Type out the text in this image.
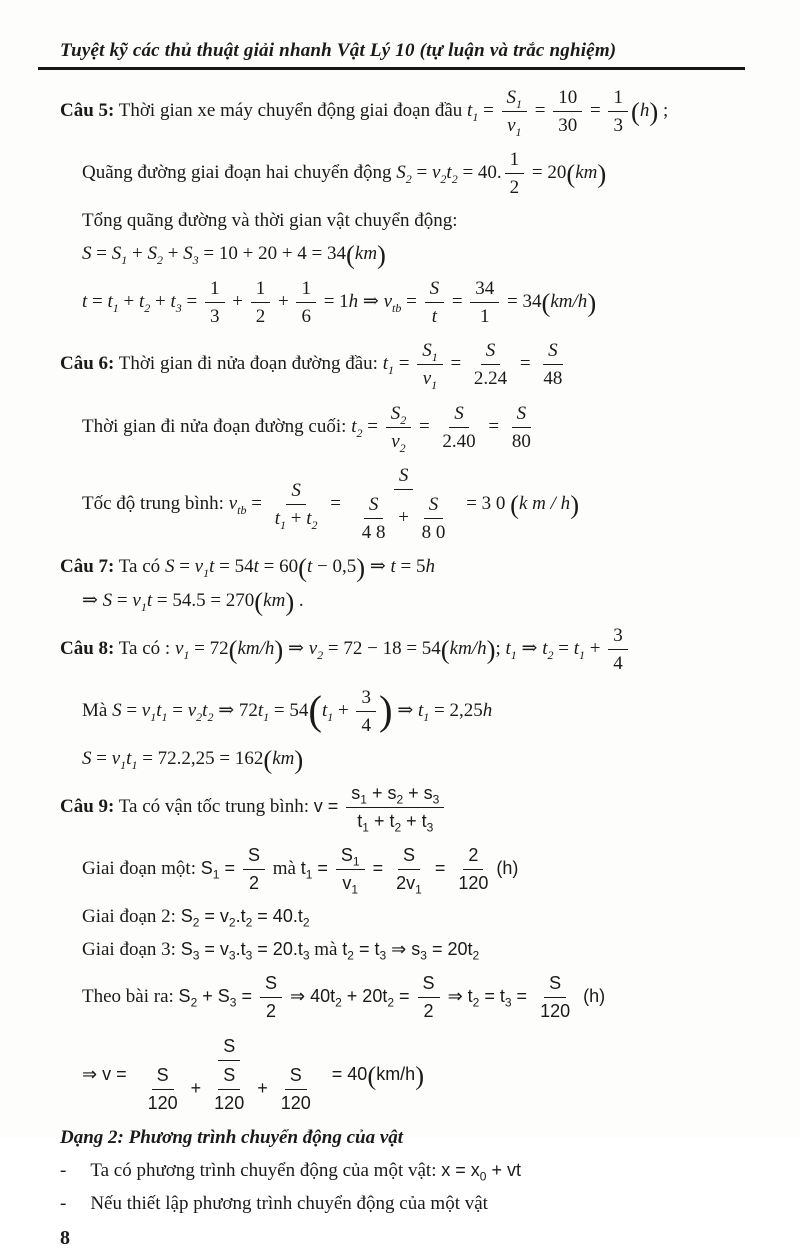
Tuyệt kỹ các thủ thuật giải nhanh Vật Lý 10 (tự luận và trắc nghiệm)
Câu 5: Thời gian xe máy chuyển động giai đoạn đầu $t_1 = \frac{S_1}{v_1} = \frac{10}{30} = \frac{1}{3} (h)$ ;
Quãng đường giai đoạn hai chuyển động $S_2 = v_2t_2 = 40$. $\frac{1}{2} = 20(km)$
Tổng quãng đường và thời gian vật chuyển động:
$S = S_1 + S_2 + S_3 = 10 + 20 + 4 = 34(km)$
$t = t_1 + t_2 + t_3 = \frac{1}{3} + \frac{1}{2} + \frac{1}{6} = 1h$ ⇒ $v_{tb} = \frac{S}{t} = \frac{34}{1} = 34(km/h)$
Câu 6: Thời gian đi nửa đoạn đường đầu: $t_1 = \frac{S_1}{v_1} = \frac{S}{2.24} = \frac{S}{48}$
Thời gian đi nửa đoạn đường cuối: $t_2 = \frac{S_2}{v_2} = \frac{S}{2.40} = \frac{S}{80}$
Tốc độ trung bình: $v_{tb} = \frac{S}{t_1 + t_2} = \frac{S}{\frac{S}{4 8} + \frac{S}{8 0}} = 3$ 0 (k m / h)
Câu 7: Ta có $S = v_1t = 54t = 60(t - 0,5)$ ⇒ t = 5h
⇒ $S = v_1t = 54.5 = 270(km)$ .
Câu 8: Ta có : $v_1 = 72(km/h)$ ⇒ $v_2 = 72 - 18 = 54(km/h)$; $t_1$ ⇒ $t_2 = t_1 + \frac{3}{4}$
Mà $S = v_1t_1 = v_2t_2$ ⇒ $72t_1 = 54(t_1 + \frac{3}{4}$ ) ⇒ $t_1 = 2,25h$
$S = v_1t_1 = 72.2,25 = 162(km)$
Câu 9: Ta có vận tốc trung bình: $v = \frac{s_1 + s_2 + s_3}{t_1 + t_2 + t_3}$
Giai đoạn một: $S_1 = \frac{S}{2}$ mà $t_1 = \frac{S_1}{v_1} = \frac{S}{2v_1} = \frac{2}{120} (h)$
Giai đoạn 2: $S_2 = v_2.t_2 = 40.t_2$
Giai đoạn 3: $S_3 = v_3.t_3 = 20.t_3$ mà $t_2 = t_3$ ⇒ $s_3 = 20t_2$
Theo bài ra: $S_2 + S_3 = \frac{S}{2}$ ⇒ $40t_2 + 20t_2 = \frac{S}{2}$ ⇒ $t_2 = t_3 = \frac{S}{120} (h)$
⇒ $v = \frac{S}{\frac{S}{120} + \frac{S}{120} + \frac{S}{120}} = 40(km/h)$
Dạng 2: Phương trình chuyển động của vật
- Ta có phương trình chuyển động của một vật: $x = x_0$ + vt
- Nếu thiết lập phương trình chuyển động của một vật
8
